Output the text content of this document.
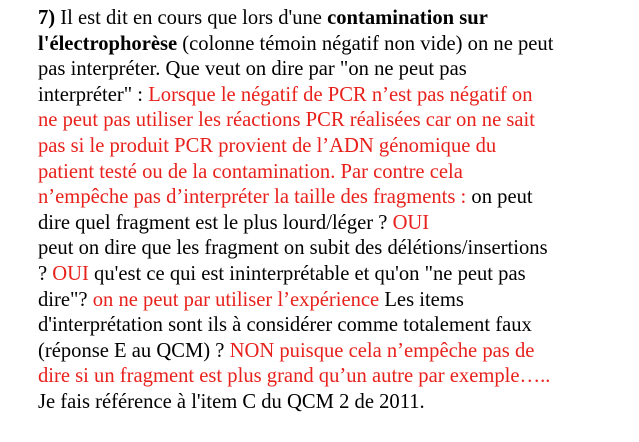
7) Il est dit en cours que lors d'une contamination sur
l'électrophorèse (colonne témoin négatif non vide) on ne peut
pas interpréter. Que veut on dire par "on ne peut pas
interpréter" : Lorsque le négatif de PCR n’est pas négatif on
ne peut pas utiliser les réactions PCR réalisées car on ne sait
pas si le produit PCR provient de l’ADN génomique du
patient testé ou de la contamination. Par contre cela
n’empêche pas d’interpréter la taille des fragments : on peut
dire quel fragment est le plus lourd/léger ? OUI
peut on dire que les fragment on subit des délétions/insertions
? OUI qu'est ce qui est ininterprétable et qu'on "ne peut pas
dire"? on ne peut par utiliser l’expérience Les items
d'interprétation sont ils à considérer comme totalement faux
(réponse E au QCM) ? NON puisque cela n’empêche pas de
dire si un fragment est plus grand qu’un autre par exemple…..
Je fais référence à l'item C du QCM 2 de 2011.
